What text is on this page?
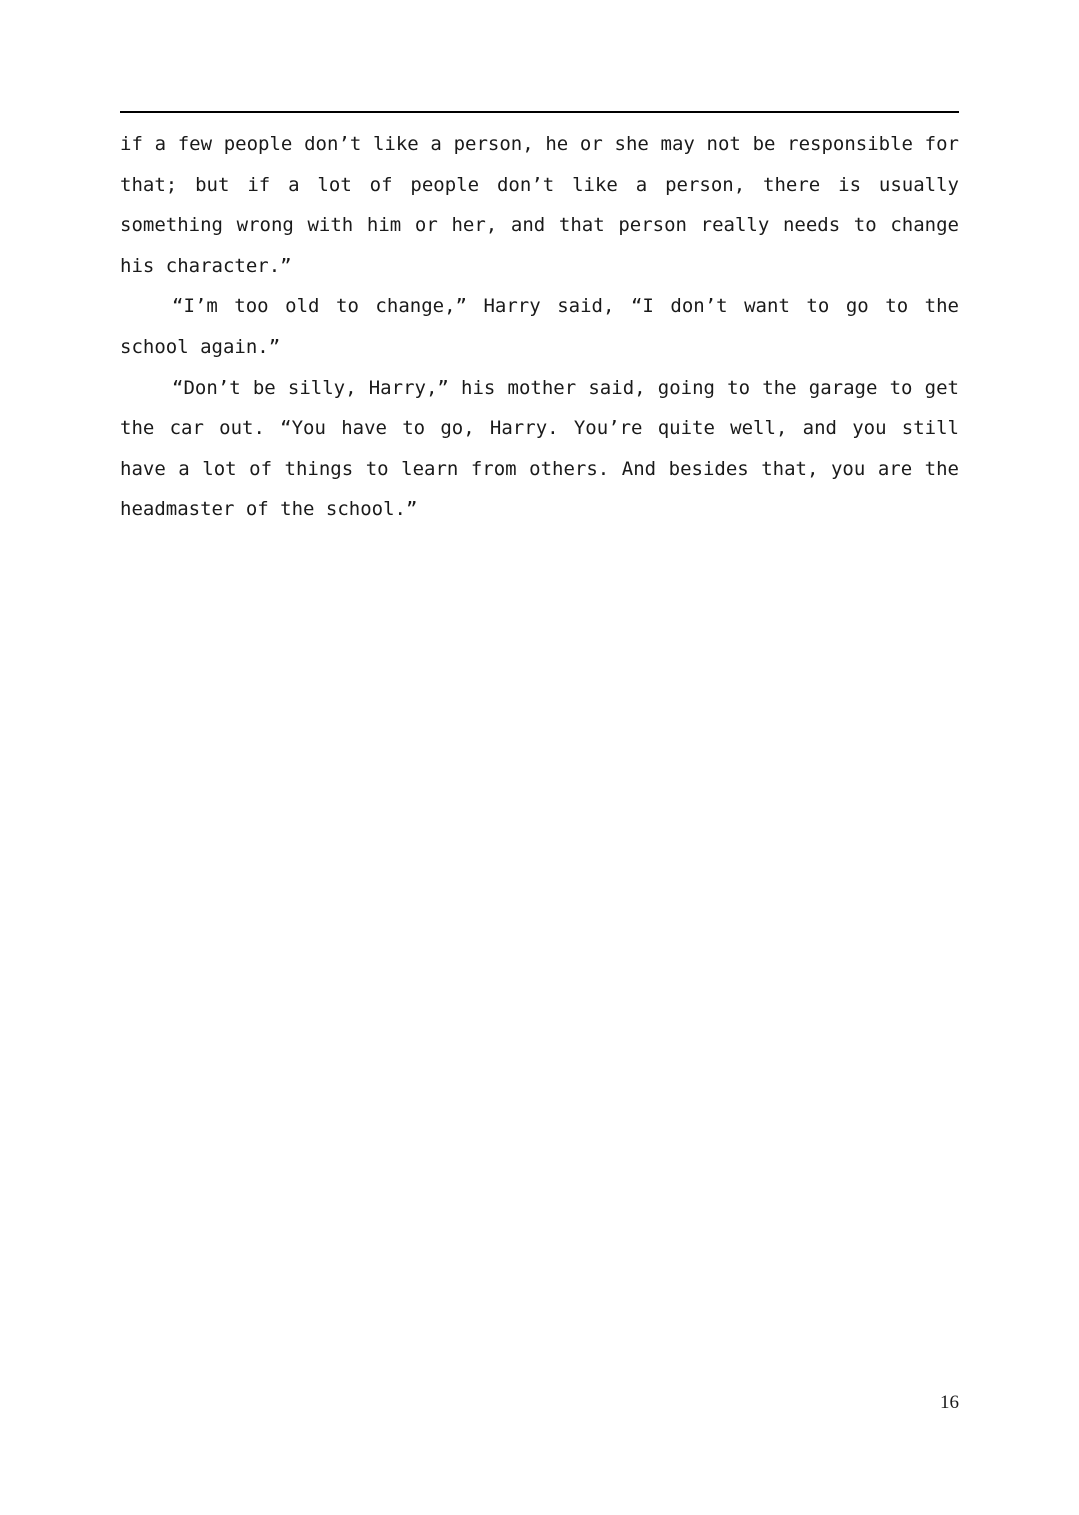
if a few people don’t like a person, he or she may not be responsible for that; but if a lot of people don’t like a person, there is usually something wrong with him or her, and that person really needs to change his character.”

“I’m too old to change,” Harry said, “I don’t want to go to the school again.”

“Don’t be silly, Harry,” his mother said, going to the garage to get the car out. “You have to go, Harry. You’re quite well, and you still have a lot of things to learn from others. And besides that, you are the headmaster of the school.”

16
